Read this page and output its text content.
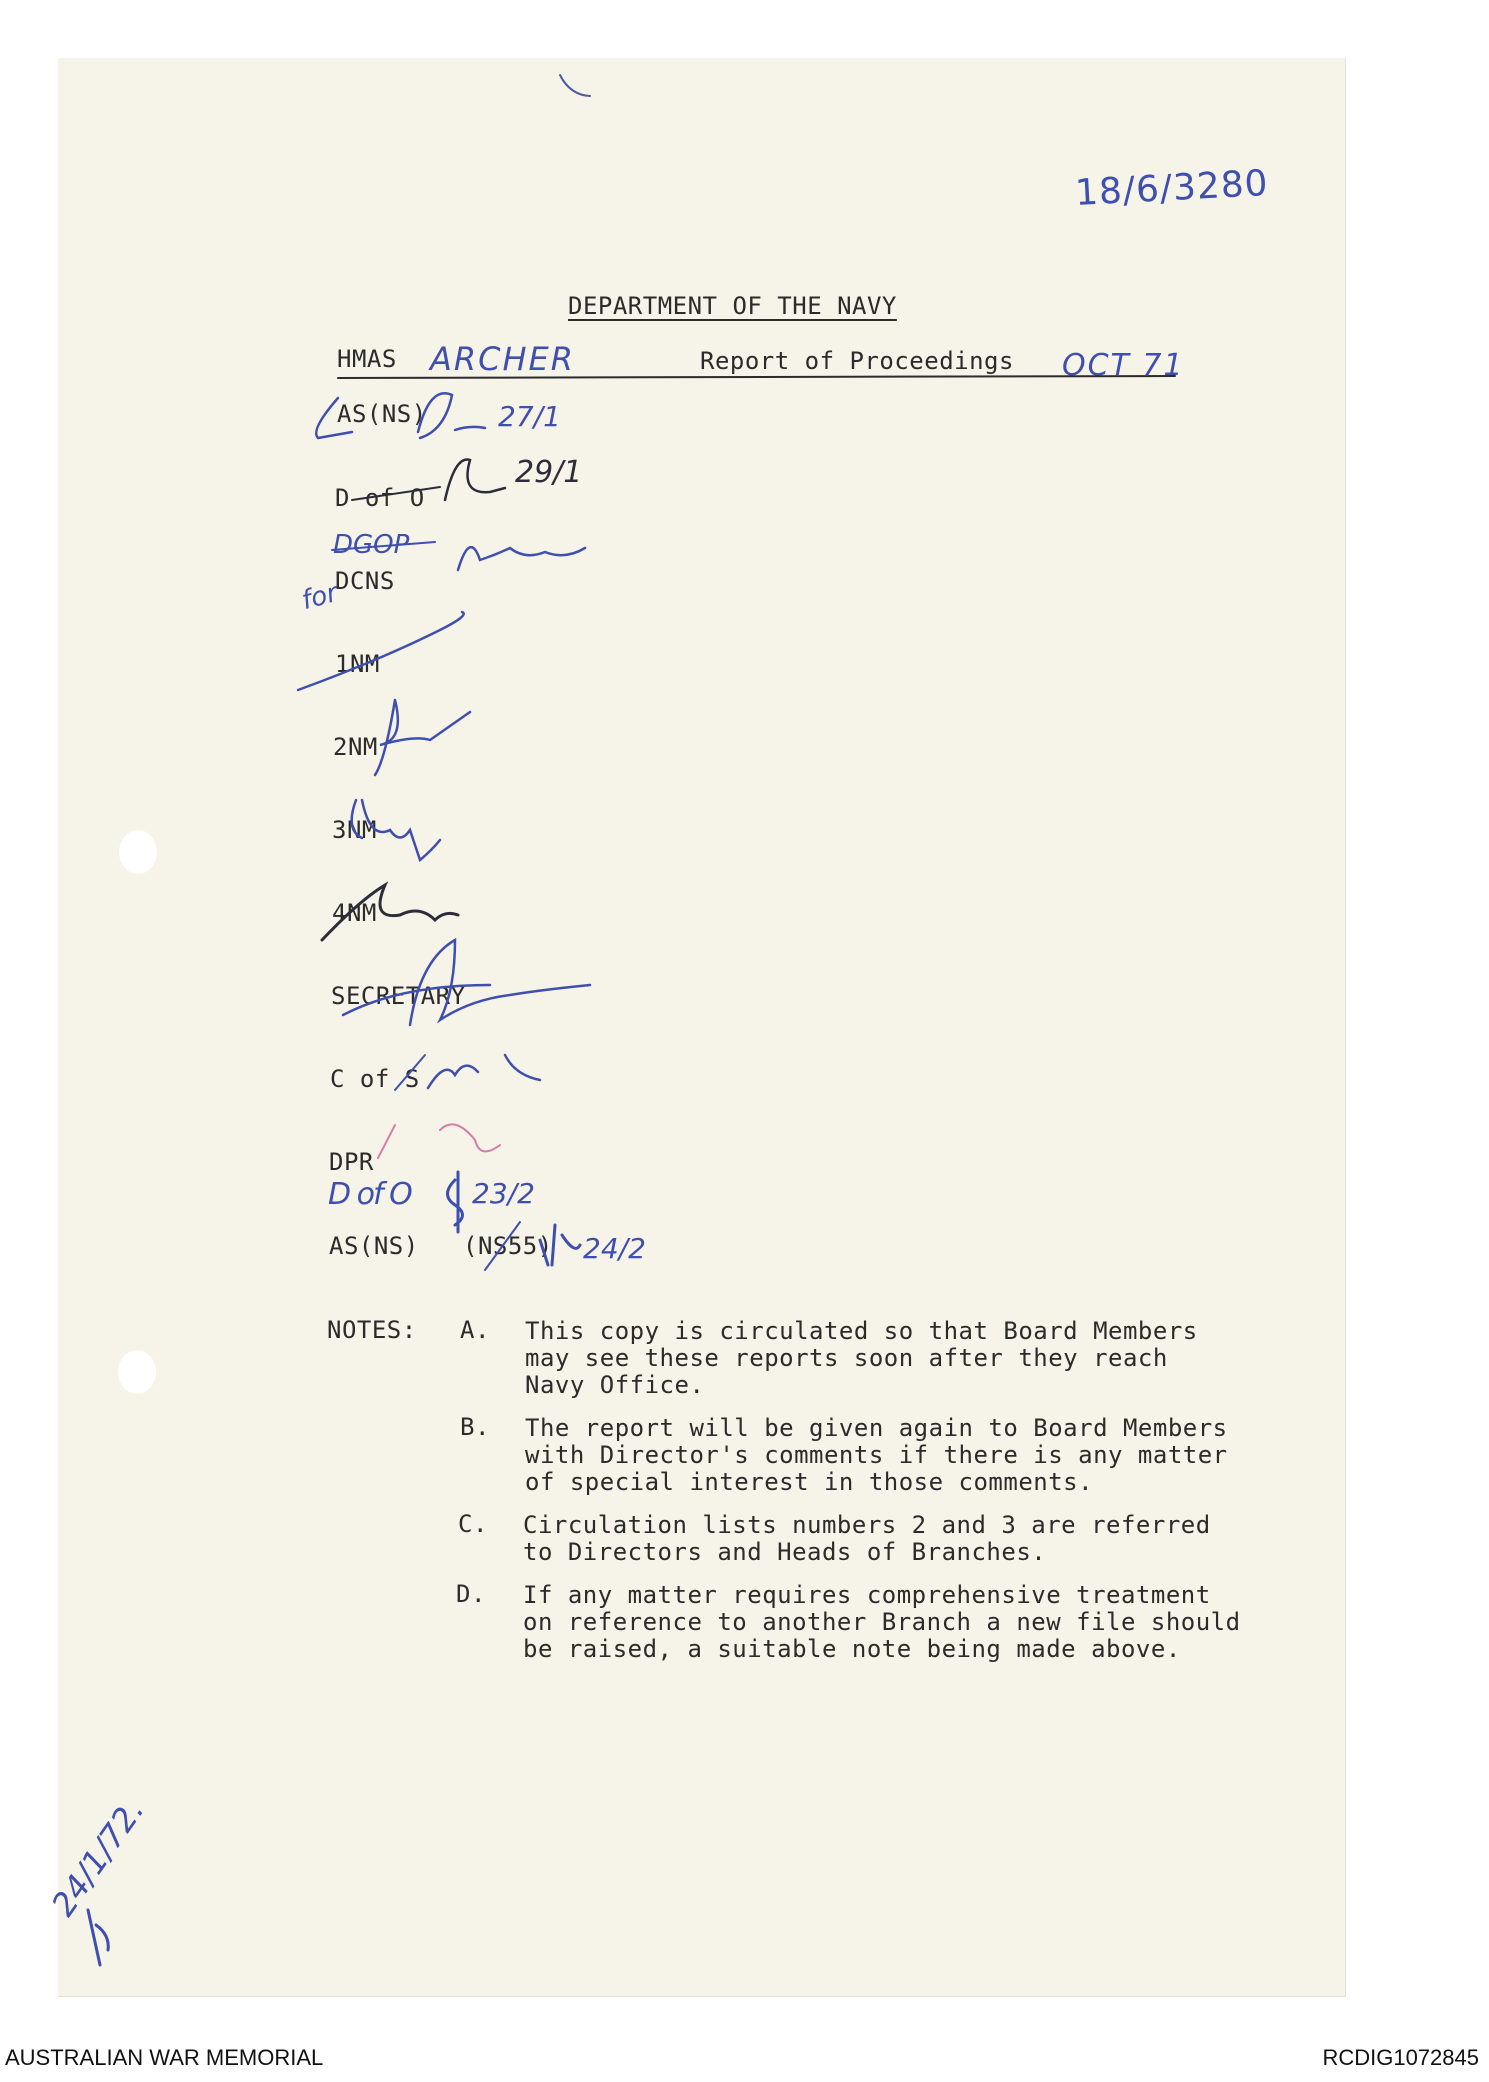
18/6/3280
DEPARTMENT OF THE NAVY
HMAS ARCHER	Report of Proceedings OCT 71
AS(NS)
D of O
DCNS
1NM
2NM
3NM
4NM
SECRETARY
C of S
DPR
AS(NS) (NS55)
27/1
29/1
DGOP
for
D of O 23/2
24/2
24/1/72.
NOTES: A. This copy is circulated so that Board Members
may see these reports soon after they reach
Navy Office.
B. The report will be given again to Board Members
with Director's comments if there is any matter
of special interest in those comments.
C. Circulation lists numbers 2 and 3 are referred
to Directors and Heads of Branches.
D. If any matter requires comprehensive treatment
on reference to another Branch a new file should
be raised, a suitable note being made above.
AUSTRALIAN WAR MEMORIAL	RCDIG1072845
